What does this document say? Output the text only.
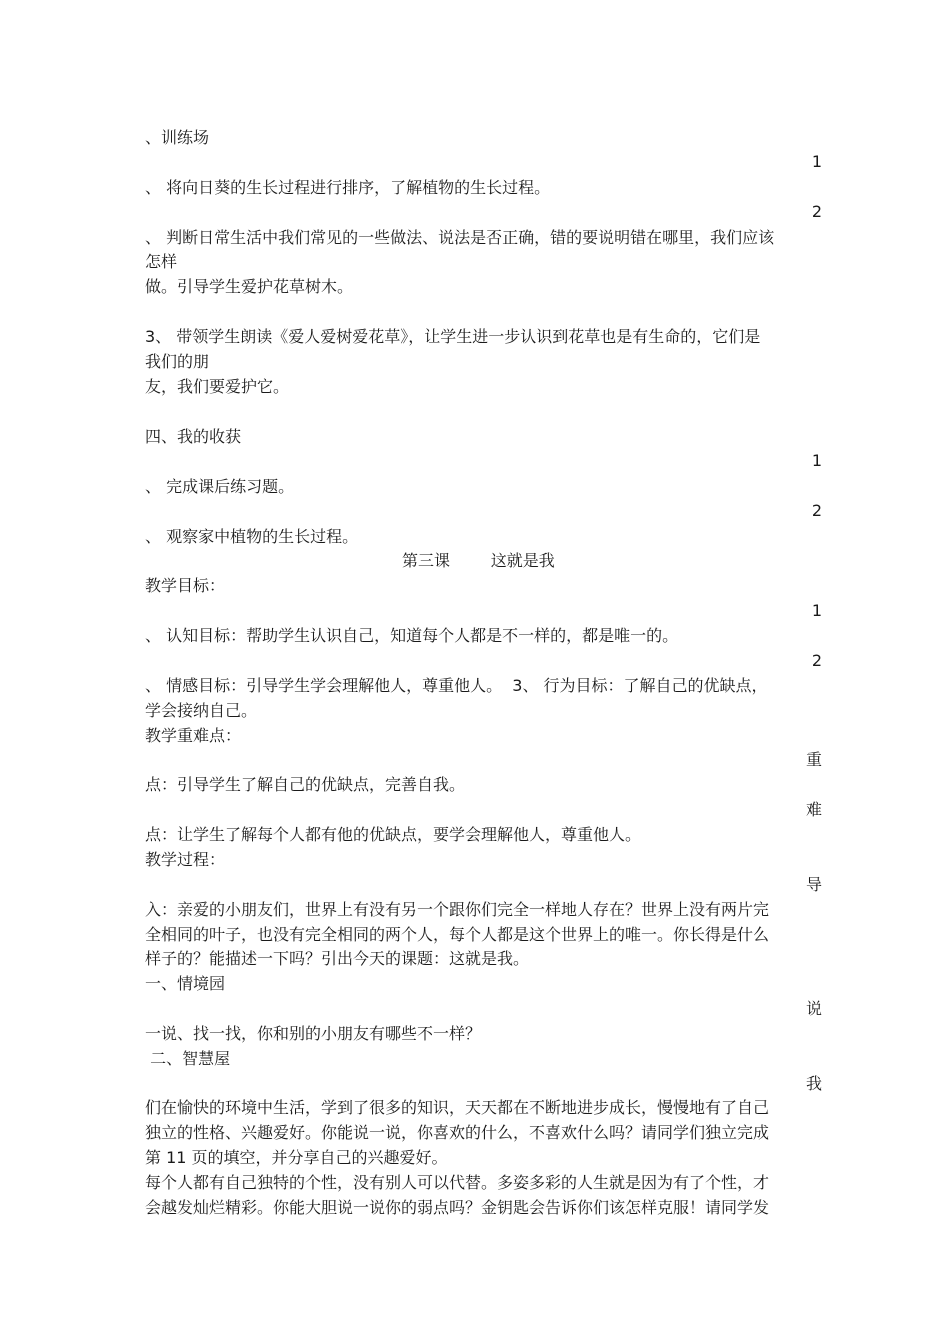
、训练场
1
、 将向日葵的生长过程进行排序，了解植物的生长过程。
2
、 判断日常生活中我们常见的一些做法、说法是否正确，错的要说明错在哪里，我们应该
怎样
做。引导学生爱护花草树木。
3、 带领学生朗读《爱人爱树爱花草》，让学生进一步认识到花草也是有生命的，它们是
我们的朋
友，我们要爱护它。
四、我的收获
1
、 完成课后练习题。
2
、 观察家中植物的生长过程。
第三课        这就是我
教学目标：
1
、 认知目标：帮助学生认识自己，知道每个人都是不一样的，都是唯一的。
2
、 情感目标：引导学生学会理解他人，尊重他人。  3、 行为目标：了解自己的优缺点，
学会接纳自己。
教学重难点：
重
点：引导学生了解自己的优缺点，完善自我。
难
点：让学生了解每个人都有他的优缺点，要学会理解他人，尊重他人。
教学过程：
导
入：亲爱的小朋友们，世界上有没有另一个跟你们完全一样地人存在？世界上没有两片完
全相同的叶子，也没有完全相同的两个人，每个人都是这个世界上的唯一。你长得是什么
样子的？能描述一下吗？引出今天的课题：这就是我。
一、情境园
说
一说、找一找，你和别的小朋友有哪些不一样？
二、智慧屋
我
们在愉快的环境中生活，学到了很多的知识，天天都在不断地进步成长，慢慢地有了自己
独立的性格、兴趣爱好。你能说一说，你喜欢的什么，不喜欢什么吗？请同学们独立完成
第 11 页的填空，并分享自己的兴趣爱好。
每个人都有自己独特的个性，没有别人可以代替。多姿多彩的人生就是因为有了个性，才
会越发灿烂精彩。你能大胆说一说你的弱点吗？金钥匙会告诉你们该怎样克服！请同学发
